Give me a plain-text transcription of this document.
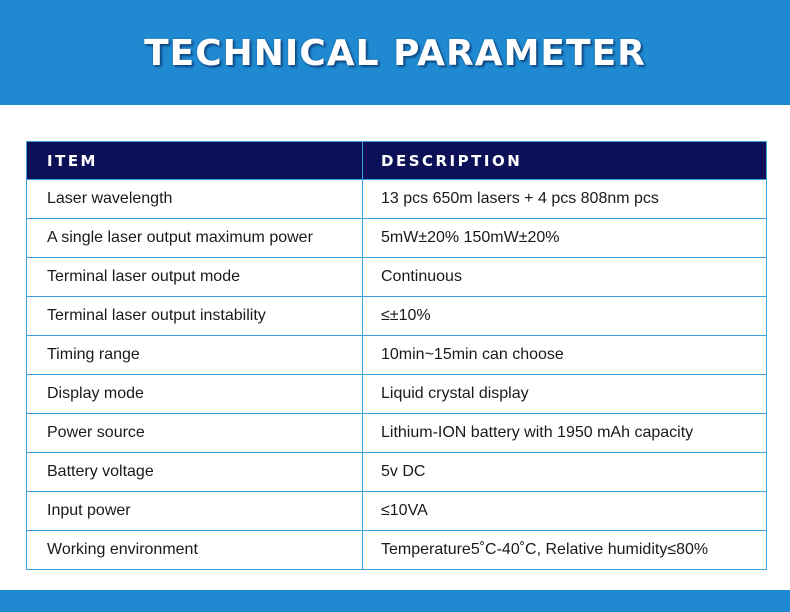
TECHNICAL PARAMETER
ITEM	DESCRIPTION
Laser wavelength	13 pcs 650m lasers + 4 pcs 808nm pcs
A single laser output maximum power	5mW±20% 150mW±20%
Terminal laser output mode	Continuous
Terminal laser output instability	≤±10%
Timing range	10min~15min can choose
Display mode	Liquid crystal display
Power source	Lithium-ION battery with 1950 mAh capacity
Battery voltage	5v DC
Input power	≤10VA
Working environment	Temperature5˚C-40˚C, Relative humidity≤80%
